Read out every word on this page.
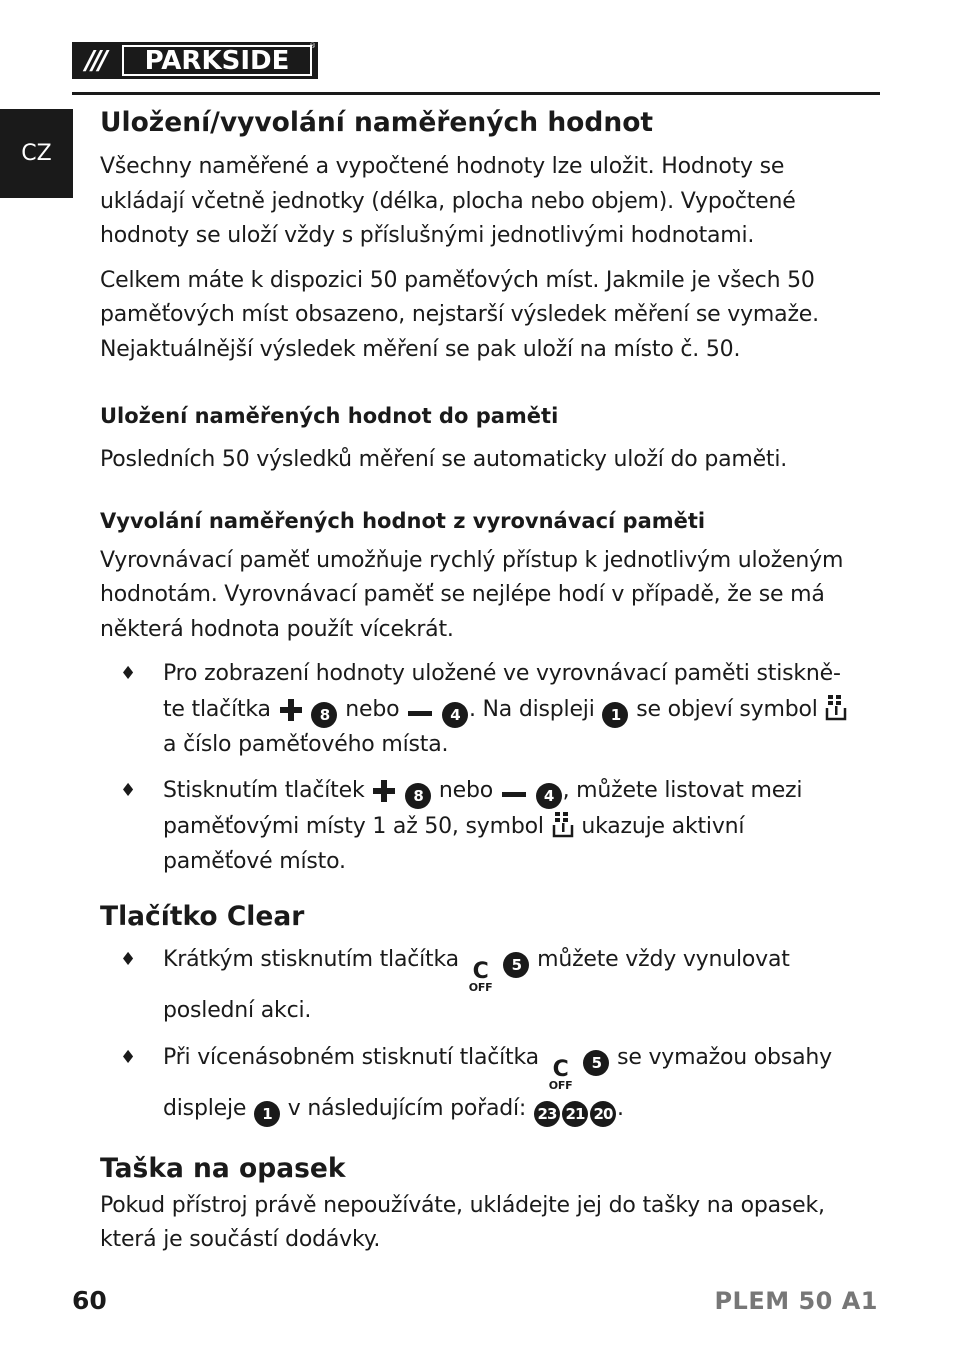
///	PARKSIDE	®
CZ
Uložení/vyvolání naměřených hodnot

Všechny naměřené a vypočtené hodnoty lze uložit. Hodnoty se ukládají včetně jednotky (délka, plocha nebo objem). Vypočtené hodnoty se uloží vždy s příslušnými jednotlivými hodnotami.

Celkem máte k dispozici 50 paměťových míst. Jakmile je všech 50 paměťových míst obsazeno, nejstarší výsledek měření se vymaže. Nejaktuálnější výsledek měření se pak uloží na místo č. 50.

Uložení naměřených hodnot do paměti

Posledních 50 výsledků měření se automaticky uloží do paměti.

Vyvolání naměřených hodnot z vyrovnávací paměti

Vyrovnávací paměť umožňuje rychlý přístup k jednotlivým uloženým hodnotám. Vyrovnávací paměť se nejlépe hodí v případě, že se má některá hodnota použít vícekrát.

♦	Pro zobrazení hodnoty uložené ve vyrovnávací paměti stiskně-te tlačítka	8 nebo	4 . Na displeji 1 se objeví symbol  a číslo paměťového místa.
♦	Stisknutím tlačítek	8 nebo	4 , můžete listovat mezi paměťovými místy 1 až 50, symbol ukazuje aktivní paměťové místo.
Tlačítko Clear
♦	Krátkým stisknutím tlačítka C
OFF
5 můžete vždy vynulovat poslední akci.
♦	Při vícenásobném stisknutí tlačítka C
OFF
5 se vymažou obsahy displeje 1 v následujícím pořadí: 23 21 20 .
Taška na opasek

Pokud přístroj právě nepoužíváte, ukládejte jej do tašky na opasek, která je součástí dodávky.

60	PLEM 50 A1
